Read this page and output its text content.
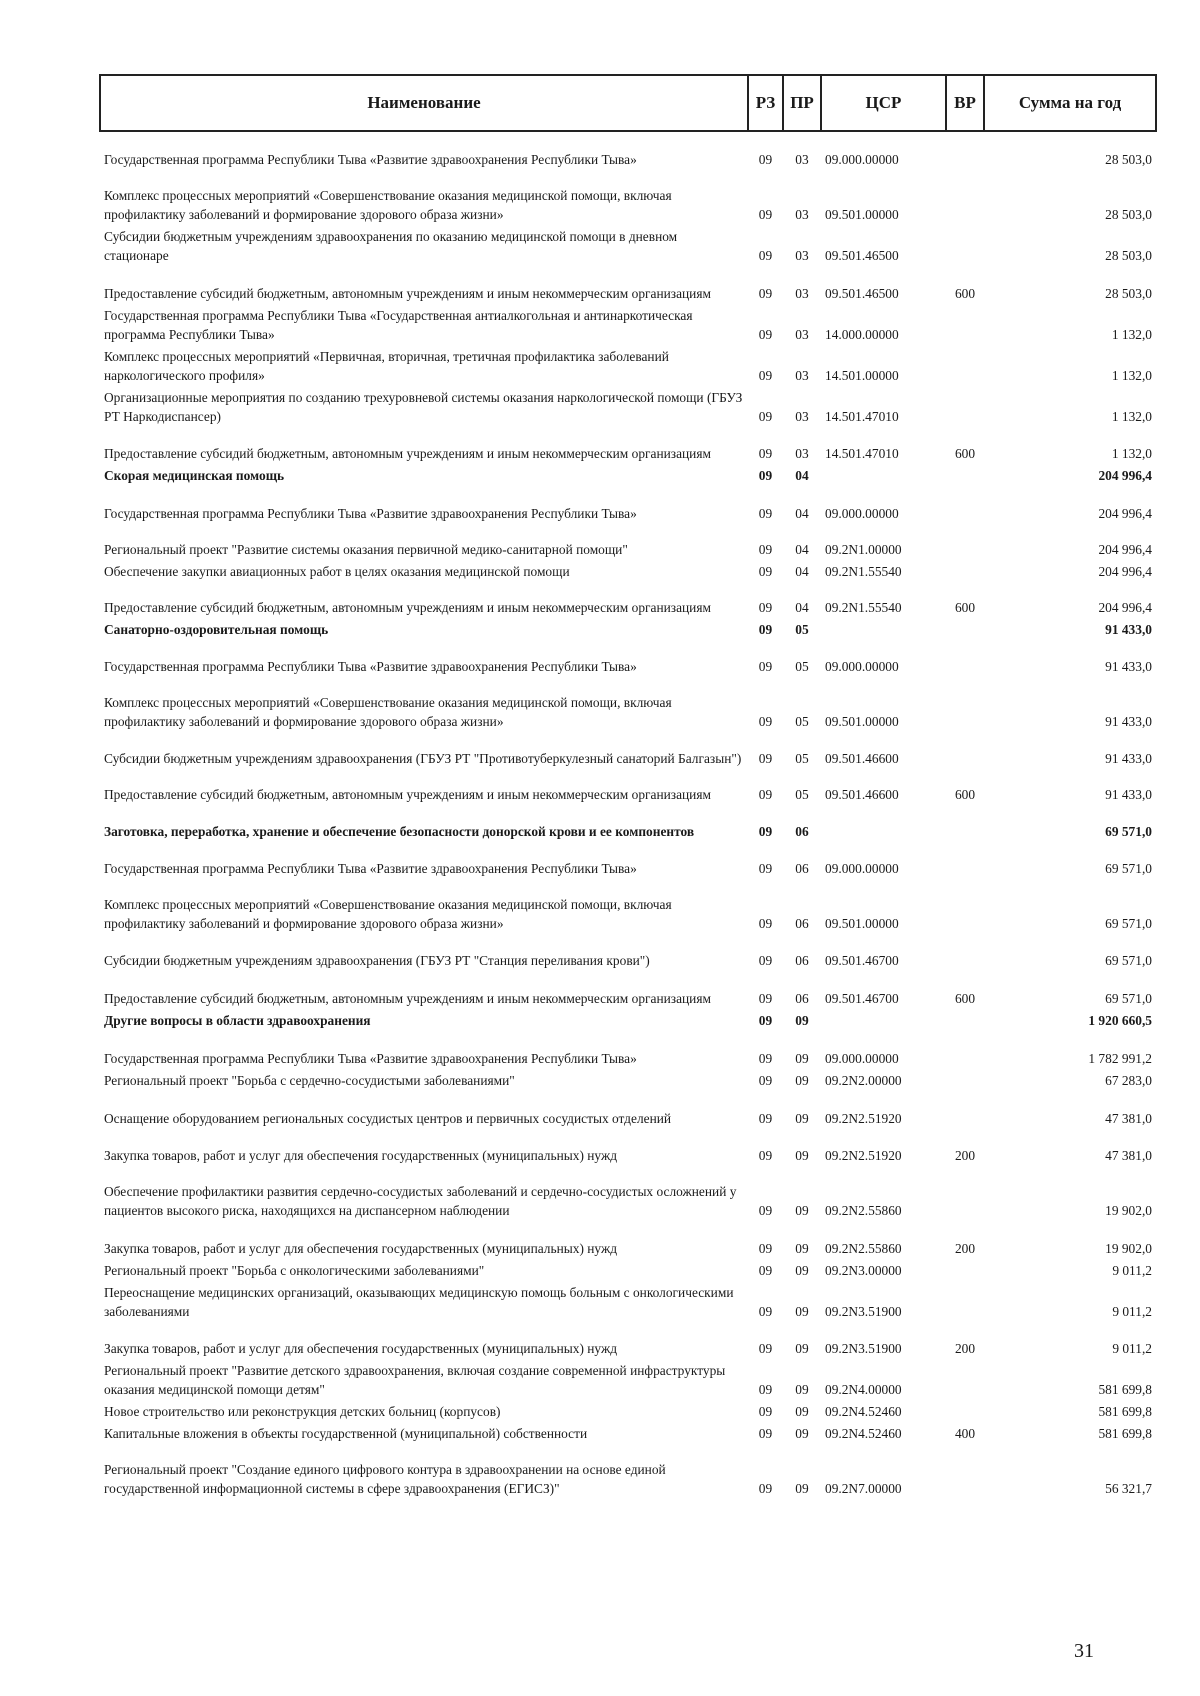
Наименование	РЗ	ПР	ЦСР	ВР	Сумма на год
Государственная программа Республики Тыва «Развитие здравоохранения Республики Тыва»	09	03	09.000.00000		28 503,0
Комплекс процессных мероприятий «Совершенствование оказания медицинской помощи, включая профилактику заболеваний и формирование здорового образа жизни»	09	03	09.501.00000		28 503,0
Субсидии бюджетным учреждениям здравоохранения по оказанию медицинской помощи в дневном стационаре	09	03	09.501.46500		28 503,0
Предоставление субсидий бюджетным, автономным учреждениям и иным некоммерческим организациям	09	03	09.501.46500	600	28 503,0
Государственная программа Республики Тыва «Государственная антиалкогольная и антинаркотическая программа Республики Тыва»	09	03	14.000.00000		1 132,0
Комплекс процессных мероприятий «Первичная, вторичная, третичная профилактика заболеваний наркологического профиля»	09	03	14.501.00000		1 132,0
Организационные мероприятия по созданию трехуровневой системы оказания наркологической помощи (ГБУЗ РТ Наркодиспансер)	09	03	14.501.47010		1 132,0
Предоставление субсидий бюджетным, автономным учреждениям и иным некоммерческим организациям	09	03	14.501.47010	600	1 132,0
Скорая медицинская помощь	09	04			204 996,4
Государственная программа Республики Тыва «Развитие здравоохранения Республики Тыва»	09	04	09.000.00000		204 996,4
Региональный проект "Развитие системы оказания первичной медико-санитарной помощи"	09	04	09.2N1.00000		204 996,4
Обеспечение закупки авиационных работ в целях оказания медицинской помощи	09	04	09.2N1.55540		204 996,4
Предоставление субсидий бюджетным, автономным учреждениям и иным некоммерческим организациям	09	04	09.2N1.55540	600	204 996,4
Санаторно-оздоровительная помощь	09	05			91 433,0
Государственная программа Республики Тыва «Развитие здравоохранения Республики Тыва»	09	05	09.000.00000		91 433,0
Комплекс процессных мероприятий «Совершенствование оказания медицинской помощи, включая профилактику заболеваний и формирование здорового образа жизни»	09	05	09.501.00000		91 433,0
Субсидии бюджетным учреждениям здравоохранения (ГБУЗ РТ "Противотуберкулезный санаторий Балгазын")	09	05	09.501.46600		91 433,0
Предоставление субсидий бюджетным, автономным учреждениям и иным некоммерческим организациям	09	05	09.501.46600	600	91 433,0
Заготовка, переработка, хранение и обеспечение безопасности донорской крови и ее компонентов	09	06			69 571,0
Государственная программа Республики Тыва «Развитие здравоохранения Республики Тыва»	09	06	09.000.00000		69 571,0
Комплекс процессных мероприятий «Совершенствование оказания медицинской помощи, включая профилактику заболеваний и формирование здорового образа жизни»	09	06	09.501.00000		69 571,0
Субсидии бюджетным учреждениям здравоохранения (ГБУЗ РТ "Станция переливания крови")	09	06	09.501.46700		69 571,0
Предоставление субсидий бюджетным, автономным учреждениям и иным некоммерческим организациям	09	06	09.501.46700	600	69 571,0
Другие вопросы в области здравоохранения	09	09			1 920 660,5
Государственная программа Республики Тыва «Развитие здравоохранения Республики Тыва»	09	09	09.000.00000		1 782 991,2
Региональный проект "Борьба с сердечно-сосудистыми заболеваниями"	09	09	09.2N2.00000		67 283,0
Оснащение оборудованием региональных сосудистых центров и первичных сосудистых отделений	09	09	09.2N2.51920		47 381,0
Закупка товаров, работ и услуг для обеспечения государственных (муниципальных) нужд	09	09	09.2N2.51920	200	47 381,0
Обеспечение профилактики развития сердечно-сосудистых заболеваний и сердечно-сосудистых осложнений у пациентов высокого риска, находящихся на диспансерном наблюдении	09	09	09.2N2.55860		19 902,0
Закупка товаров, работ и услуг для обеспечения государственных (муниципальных) нужд	09	09	09.2N2.55860	200	19 902,0
Региональный проект "Борьба с онкологическими заболеваниями"	09	09	09.2N3.00000		9 011,2
Переоснащение медицинских организаций, оказывающих медицинскую помощь больным с онкологическими заболеваниями	09	09	09.2N3.51900		9 011,2
Закупка товаров, работ и услуг для обеспечения государственных (муниципальных) нужд	09	09	09.2N3.51900	200	9 011,2
Региональный проект "Развитие детского здравоохранения, включая создание современной инфраструктуры оказания медицинской помощи детям"	09	09	09.2N4.00000		581 699,8
Новое строительство или реконструкция детских больниц (корпусов)	09	09	09.2N4.52460		581 699,8
Капитальные вложения в объекты государственной (муниципальной) собственности	09	09	09.2N4.52460	400	581 699,8
Региональный проект "Создание единого цифрового контура в здравоохранении на основе единой государственной информационной системы в сфере здравоохранения (ЕГИСЗ)"	09	09	09.2N7.00000		56 321,7
31
